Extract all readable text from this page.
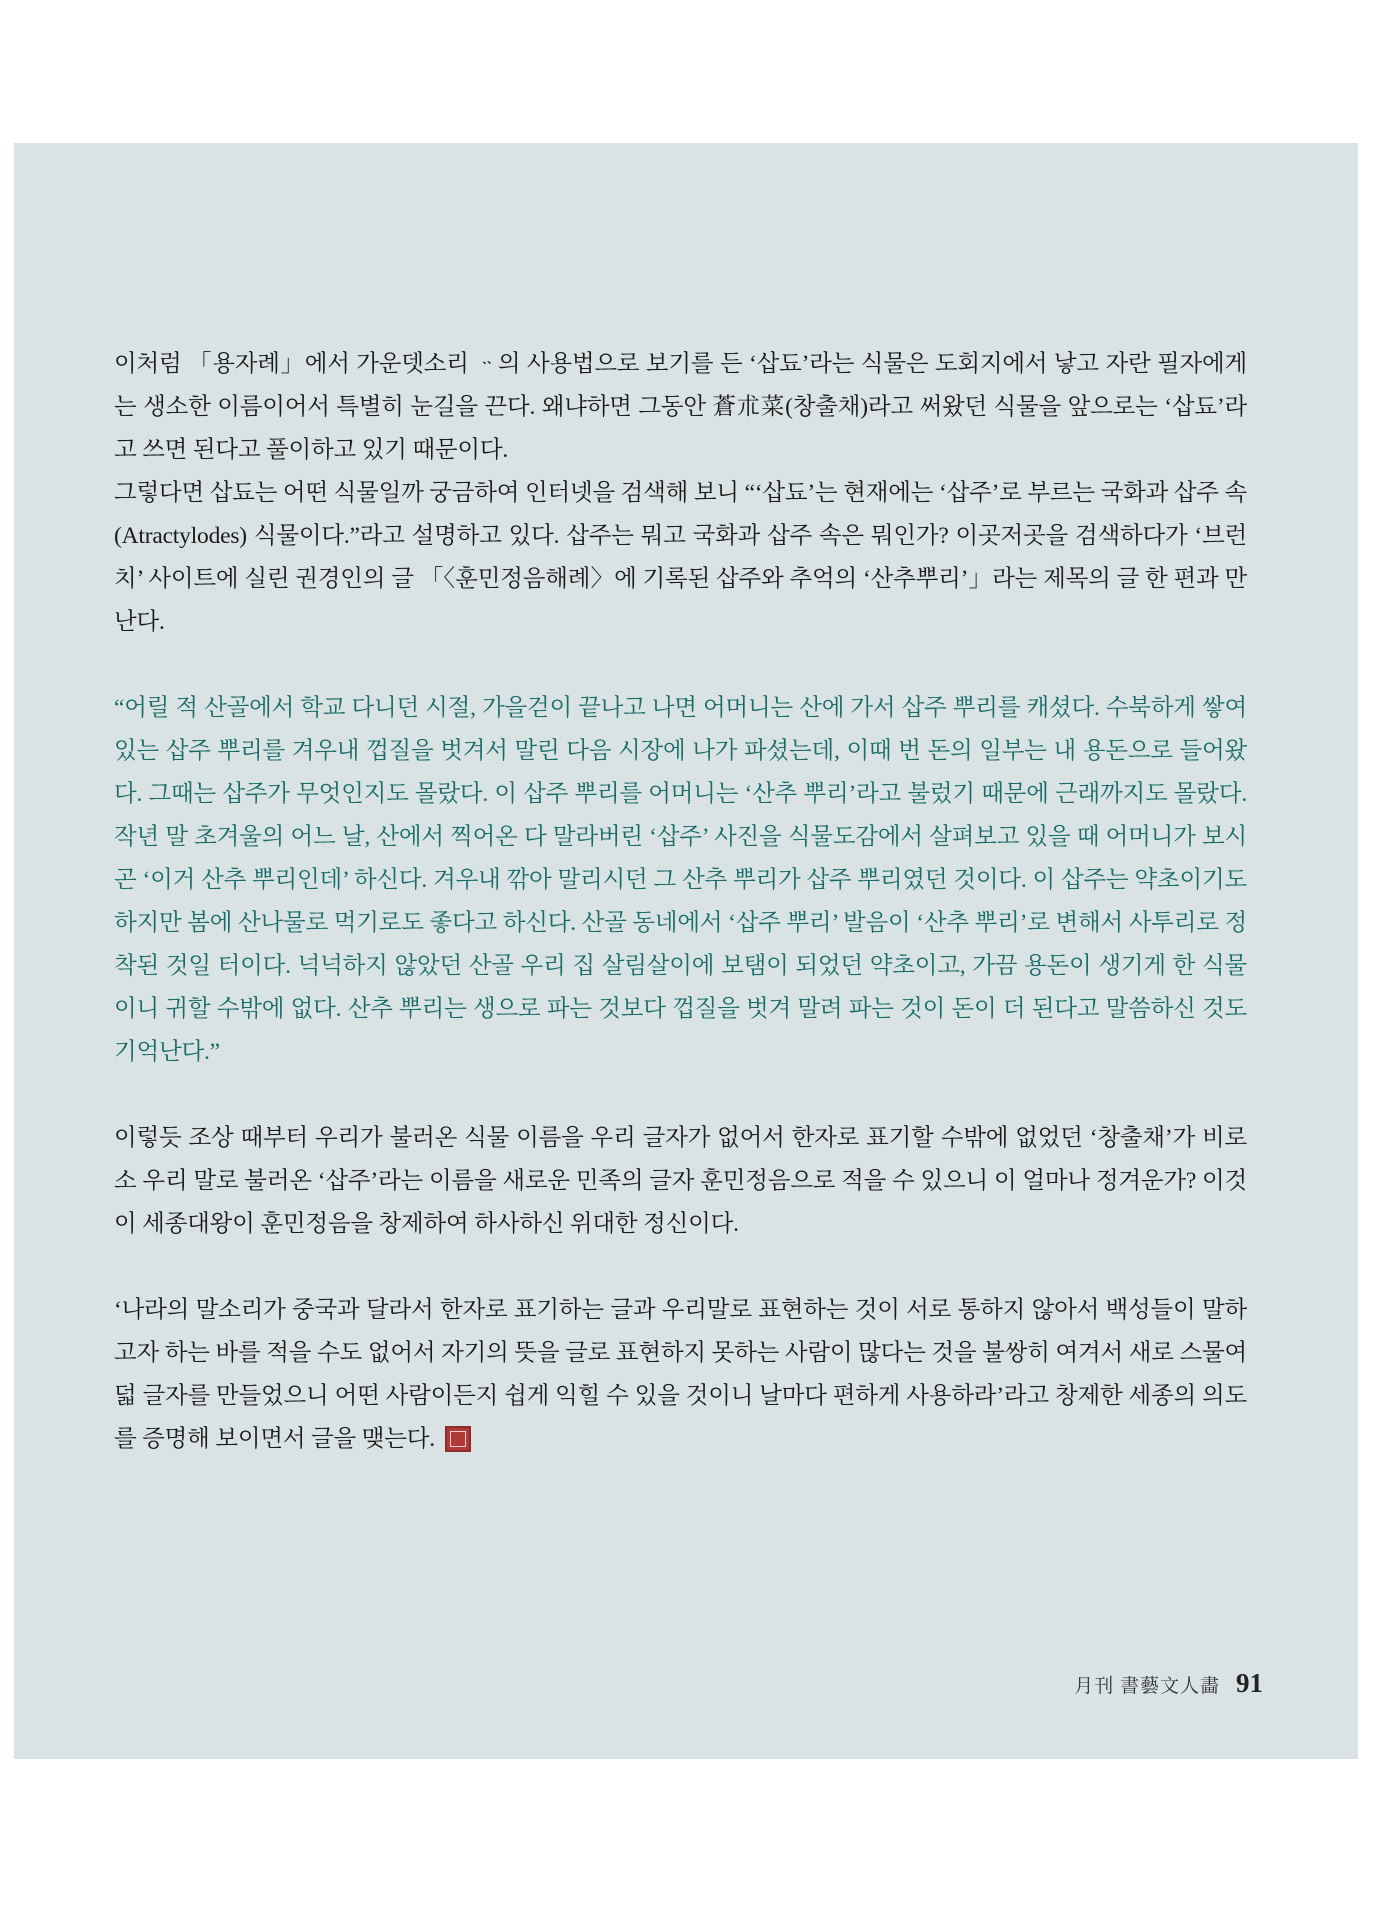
이처럼 「용자례」에서 가운뎃소리 ᆢ의 사용법으로 보기를 든 ‘삽됴’라는 식물은 도회지에서 낳고 자란 필자에게는 생소한 이름이어서 특별히 눈길을 끈다. 왜냐하면 그동안 蒼朮菜(창출채)라고 써왔던 식물을 앞으로는 ‘삽됴’라고 쓰면 된다고 풀이하고 있기 때문이다.

그렇다면 삽됴는 어떤 식물일까 궁금하여 인터넷을 검색해 보니 “‘삽됴’는 현재에는 ‘삽주’로 부르는 국화과 삽주 속(Atractylodes) 식물이다.”라고 설명하고 있다. 삽주는 뭐고 국화과 삽주 속은 뭐인가? 이곳저곳을 검색하다가 ‘브런치’ 사이트에 실린 권경인의 글 「〈훈민정음해례〉에 기록된 삽주와 추억의 ‘산추뿌리’」라는 제목의 글 한 편과 만난다.

“어릴 적 산골에서 학교 다니던 시절, 가을걷이 끝나고 나면 어머니는 산에 가서 삽주 뿌리를 캐셨다. 수북하게 쌓여 있는 삽주 뿌리를 겨우내 껍질을 벗겨서 말린 다음 시장에 나가 파셨는데, 이때 번 돈의 일부는 내 용돈으로 들어왔다. 그때는 삽주가 무엇인지도 몰랐다. 이 삽주 뿌리를 어머니는 ‘산추 뿌리’라고 불렀기 때문에 근래까지도 몰랐다. 작년 말 초겨울의 어느 날, 산에서 찍어온 다 말라버린 ‘삽주’ 사진을 식물도감에서 살펴보고 있을 때 어머니가 보시곤 ‘이거 산추 뿌리인데’ 하신다. 겨우내 깎아 말리시던 그 산추 뿌리가 삽주 뿌리였던 것이다. 이 삽주는 약초이기도 하지만 봄에 산나물로 먹기로도 좋다고 하신다. 산골 동네에서 ‘삽주 뿌리’ 발음이 ‘산추 뿌리’로 변해서 사투리로 정착된 것일 터이다. 넉넉하지 않았던 산골 우리 집 살림살이에 보탬이 되었던 약초이고, 가끔 용돈이 생기게 한 식물이니 귀할 수밖에 없다. 산추 뿌리는 생으로 파는 것보다 껍질을 벗겨 말려 파는 것이 돈이 더 된다고 말씀하신 것도 기억난다.”

이렇듯 조상 때부터 우리가 불러온 식물 이름을 우리 글자가 없어서 한자로 표기할 수밖에 없었던 ‘창출채’가 비로소 우리 말로 불러온 ‘삽주’라는 이름을 새로운 민족의 글자 훈민정음으로 적을 수 있으니 이 얼마나 정겨운가? 이것이 세종대왕이 훈민정음을 창제하여 하사하신 위대한 정신이다.

‘나라의 말소리가 중국과 달라서 한자로 표기하는 글과 우리말로 표현하는 것이 서로 통하지 않아서 백성들이 말하고자 하는 바를 적을 수도 없어서 자기의 뜻을 글로 표현하지 못하는 사람이 많다는 것을 불쌍히 여겨서 새로 스물여덟 글자를 만들었으니 어떤 사람이든지 쉽게 익힐 수 있을 것이니 날마다 편하게 사용하라’라고 창제한 세종의 의도를 증명해 보이면서 글을 맺는다.

月刊 書藝文人畵 91
